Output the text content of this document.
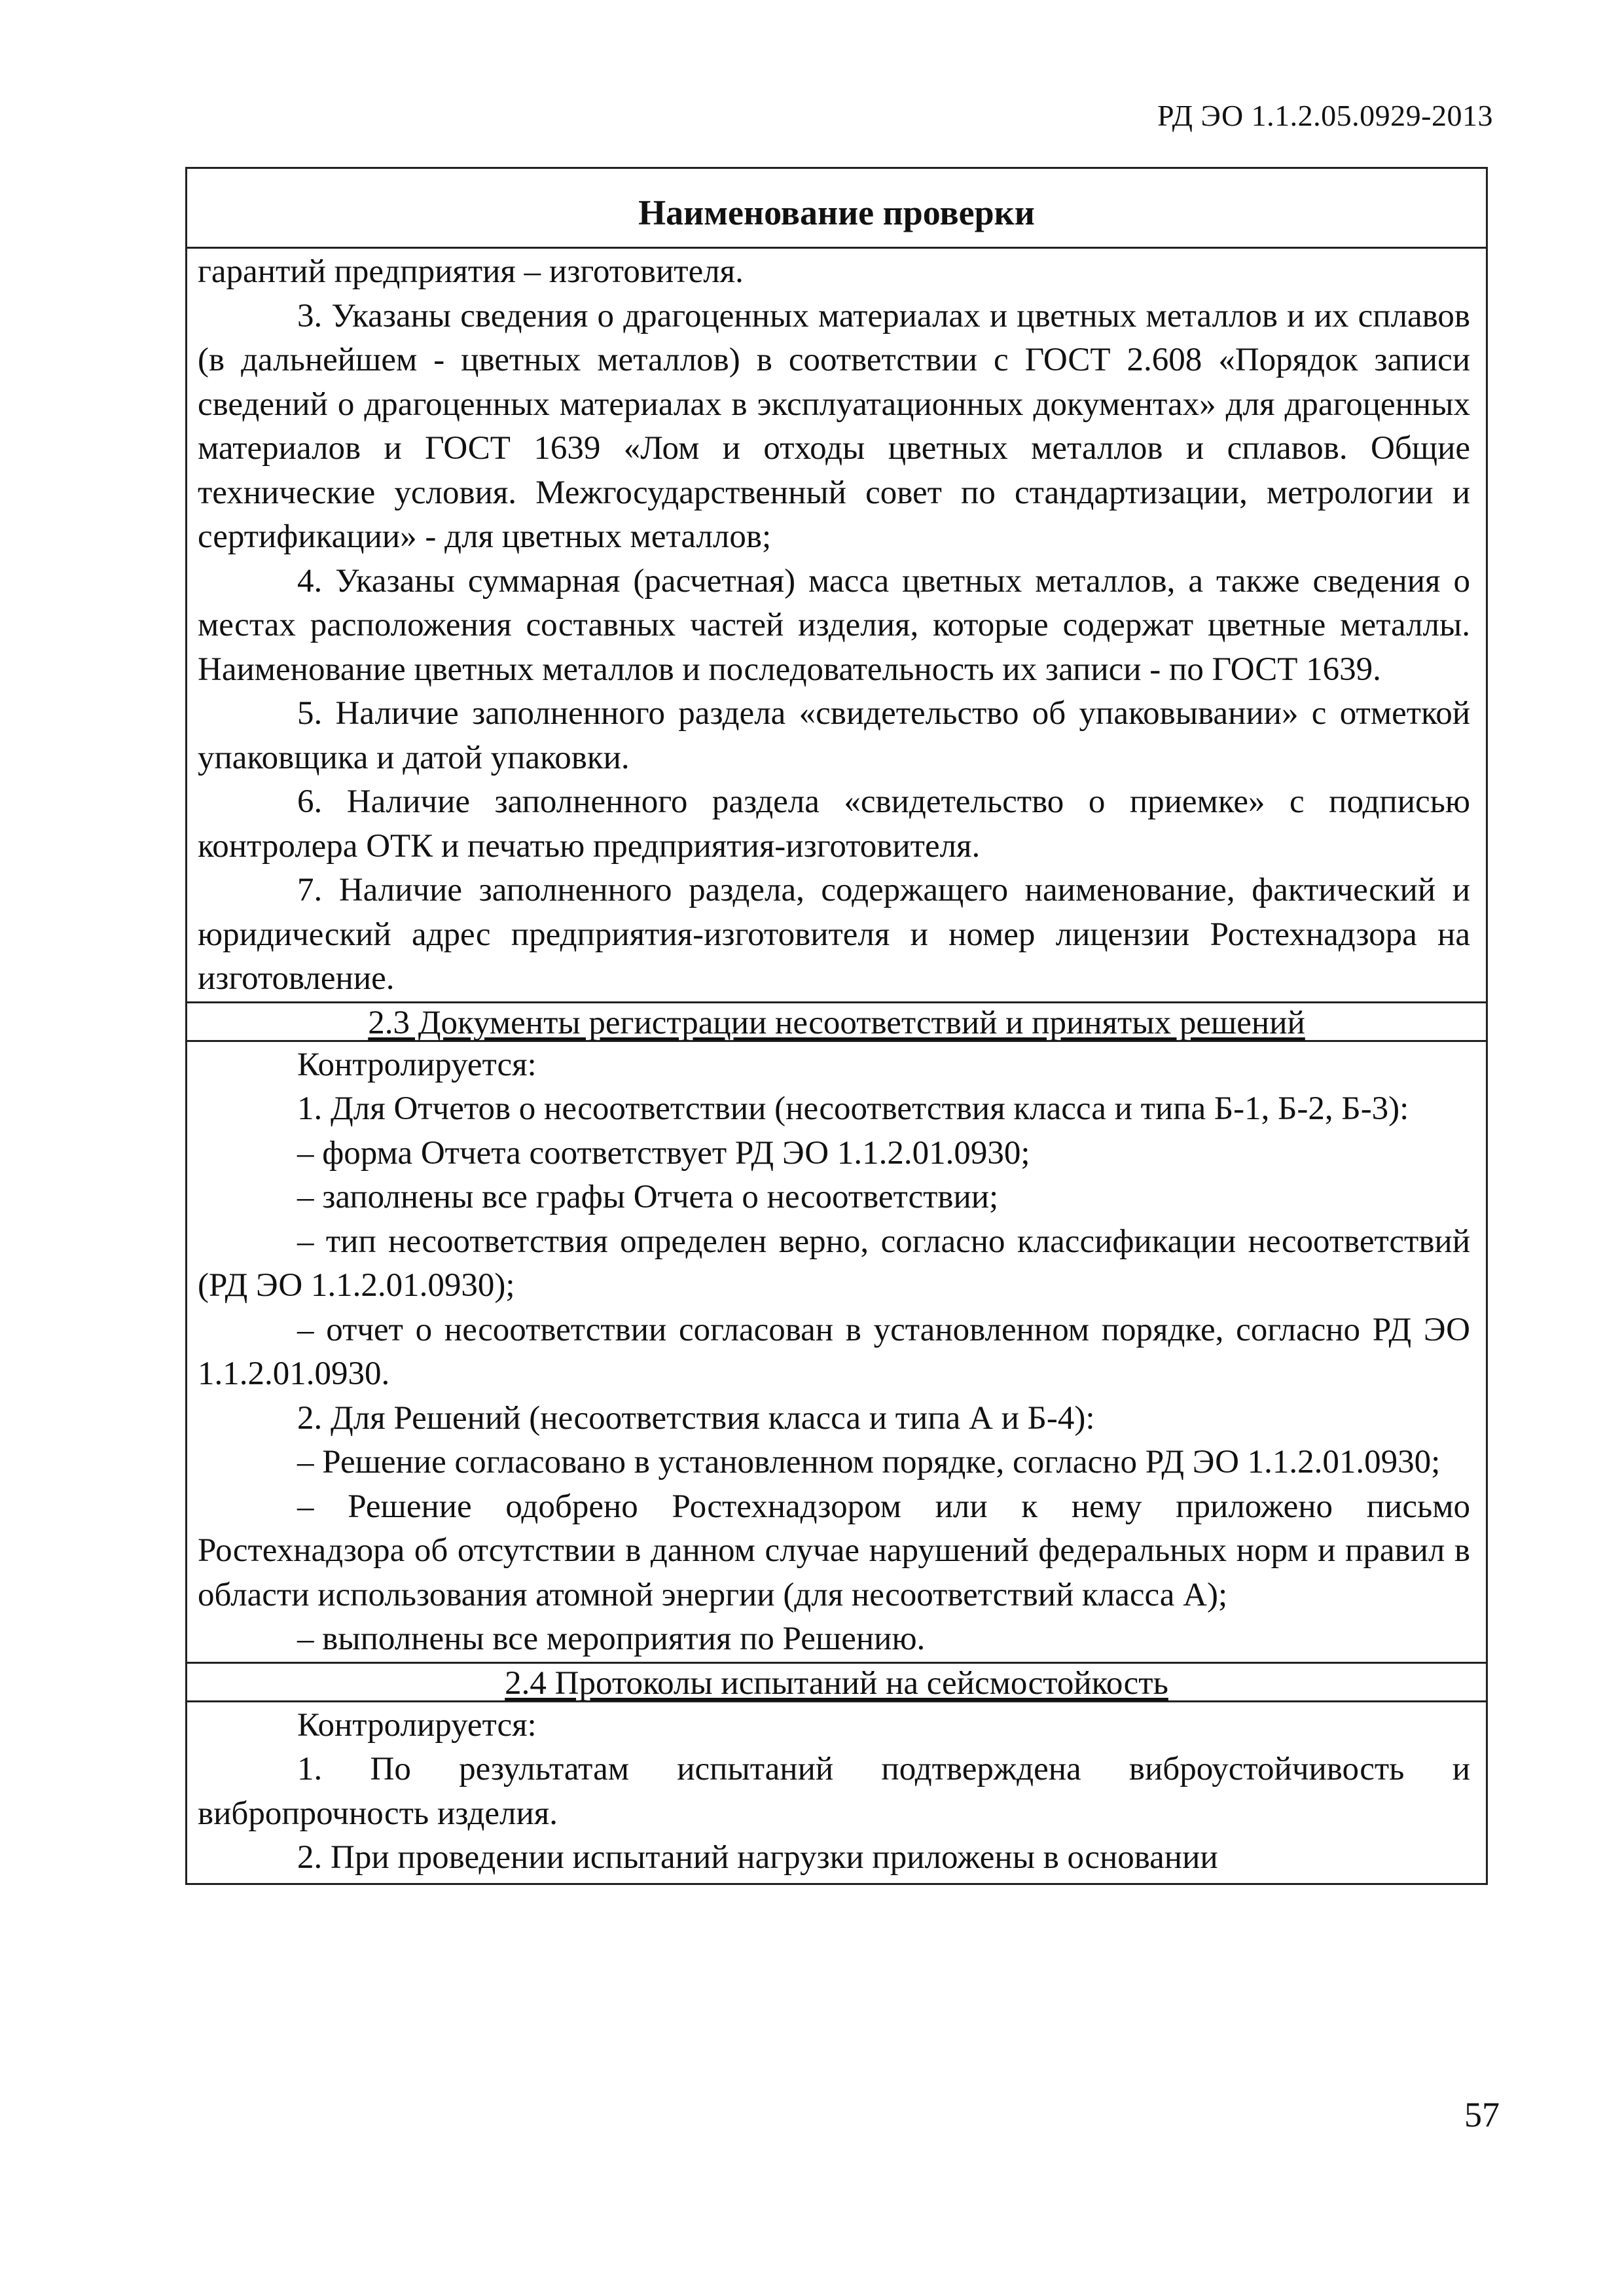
РД ЭО 1.1.2.05.0929-2013
Наименование проверки

гарантий предприятия – изготовителя.

3. Указаны сведения о драгоценных материалах и цветных металлов и их сплавов (в дальнейшем - цветных металлов) в соответствии с ГОСТ 2.608 «Порядок записи сведений о драгоценных материалах в эксплуатационных документах» для драгоценных материалов и ГОСТ 1639 «Лом и отходы цветных металлов и сплавов. Общие технические условия. Межгосударственный совет по стандартизации, метрологии и сертификации» - для цветных металлов;

4. Указаны суммарная (расчетная) масса цветных металлов, а также сведения о местах расположения составных частей изделия, которые содержат цветные металлы. Наименование цветных металлов и последовательность их записи - по ГОСТ 1639.

5. Наличие заполненного раздела «свидетельство об упаковывании» с отметкой упаковщика и датой упаковки.

6. Наличие заполненного раздела «свидетельство о приемке» с подписью контролера ОТК и печатью предприятия-изготовителя.

7. Наличие заполненного раздела, содержащего наименование, фактический и юридический адрес предприятия-изготовителя и номер лицензии Ростехнадзора на изготовление.

2.3 Документы регистрации несоответствий и принятых решений

Контролируется:

1. Для Отчетов о несоответствии (несоответствия класса и типа Б-1, Б-2, Б-3):

– форма Отчета соответствует РД ЭО 1.1.2.01.0930;

– заполнены все графы Отчета о несоответствии;

– тип несоответствия определен верно, согласно классификации несоответствий (РД ЭО 1.1.2.01.0930);

– отчет о несоответствии согласован в установленном порядке, согласно РД ЭО 1.1.2.01.0930.

2. Для Решений (несоответствия класса и типа А и Б-4):

– Решение согласовано в установленном порядке, согласно РД ЭО 1.1.2.01.0930;

– Решение одобрено Ростехнадзором или к нему приложено письмо Ростехнадзора об отсутствии в данном случае нарушений федеральных норм и правил в области использования атомной энергии (для несоответствий класса А);

– выполнены все мероприятия по Решению.

2.4 Протоколы испытаний на сейсмостойкость

Контролируется:

1. По результатам испытаний подтверждена виброустойчивость и вибропрочность изделия.

2. При проведении испытаний нагрузки приложены в основании

57
